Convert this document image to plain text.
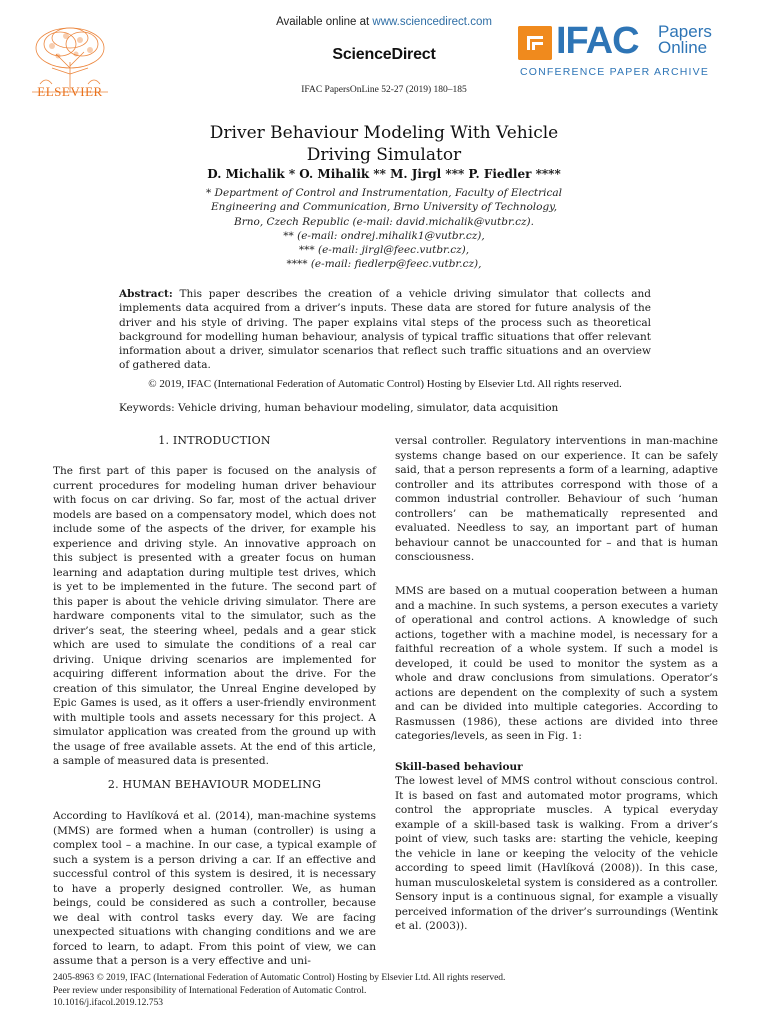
ELSEVIER
Available online at www.sciencedirect.com
ScienceDirect
IFAC PapersOnLine 52-27 (2019) 180–185
IFAC Papers
Online
CONFERENCE PAPER ARCHIVE
Driver Behaviour Modeling With Vehicle
Driving Simulator
D. Michalik * O. Mihalik ** M. Jirgl *** P. Fiedler ****
* Department of Control and Instrumentation, Faculty of Electrical
Engineering and Communication, Brno University of Technology,
Brno, Czech Republic (e-mail: david.michalik@vutbr.cz).
** (e-mail: ondrej.mihalik1@vutbr.cz),
*** (e-mail: jirgl@feec.vutbr.cz),
**** (e-mail: fiedlerp@feec.vutbr.cz),
Abstract: This paper describes the creation of a vehicle driving simulator that collects and implements data acquired from a driver’s inputs. These data are stored for future analysis of the driver and his style of driving. The paper explains vital steps of the process such as theoretical background for modelling human behaviour, analysis of typical traffic situations that offer relevant information about a driver, simulator scenarios that reflect such traffic situations and an overview of gathered data.
© 2019, IFAC (International Federation of Automatic Control) Hosting by Elsevier Ltd. All rights reserved.
Keywords: Vehicle driving, human behaviour modeling, simulator, data acquisition
1. INTRODUCTION
The first part of this paper is focused on the analysis of current procedures for modeling human driver behaviour with focus on car driving. So far, most of the actual driver models are based on a compensatory model, which does not include some of the aspects of the driver, for example his experience and driving style. An innovative approach on this subject is presented with a greater focus on human learning and adaptation during multiple test drives, which is yet to be implemented in the future. The second part of this paper is about the vehicle driving simulator. There are hardware components vital to the simulator, such as the driver’s seat, the steering wheel, pedals and a gear stick which are used to simulate the conditions of a real car driving. Unique driving scenarios are implemented for acquiring different information about the drive. For the creation of this simulator, the Unreal Engine developed by Epic Games is used, as it offers a user-friendly environment with multiple tools and assets necessary for this project. A simulator application was created from the ground up with the usage of free available assets. At the end of this article, a sample of measured data is presented.
2. HUMAN BEHAVIOUR MODELING
According to Havlíková et al. (2014), man-machine systems (MMS) are formed when a human (controller) is using a complex tool – a machine. In our case, a typical example of such a system is a person driving a car. If an effective and successful control of this system is desired, it is necessary to have a properly designed controller. We, as human beings, could be considered as such a controller, because we deal with control tasks every day. We are facing unexpected situations with changing conditions and we are forced to learn, to adapt. From this point of view, we can assume that a person is a very effective and uni-
versal controller. Regulatory interventions in man-machine systems change based on our experience. It can be safely said, that a person represents a form of a learning, adaptive controller and its attributes correspond with those of a common industrial controller. Behaviour of such ’human controllers’ can be mathematically represented and evaluated. Needless to say, an important part of human behaviour cannot be unaccounted for – and that is human consciousness.
MMS are based on a mutual cooperation between a human and a machine. In such systems, a person executes a variety of operational and control actions. A knowledge of such actions, together with a machine model, is necessary for a faithful recreation of a whole system. If such a model is developed, it could be used to monitor the system as a whole and draw conclusions from simulations. Operator’s actions are dependent on the complexity of such a system and can be divided into multiple categories. According to Rasmussen (1986), these actions are divided into three categories/levels, as seen in Fig. 1:
Skill-based behaviour
The lowest level of MMS control without conscious control. It is based on fast and automated motor programs, which control the appropriate muscles. A typical everyday example of a skill-based task is walking. From a driver’s point of view, such tasks are: starting the vehicle, keeping the vehicle in lane or keeping the velocity of the vehicle according to speed limit (Havlíková (2008)). In this case, human musculoskeletal system is considered as a controller. Sensory input is a continuous signal, for example a visually perceived information of the driver’s surroundings (Wentink et al. (2003)).
2405-8963 © 2019, IFAC (International Federation of Automatic Control) Hosting by Elsevier Ltd. All rights reserved.
Peer review under responsibility of International Federation of Automatic Control.
10.1016/j.ifacol.2019.12.753
